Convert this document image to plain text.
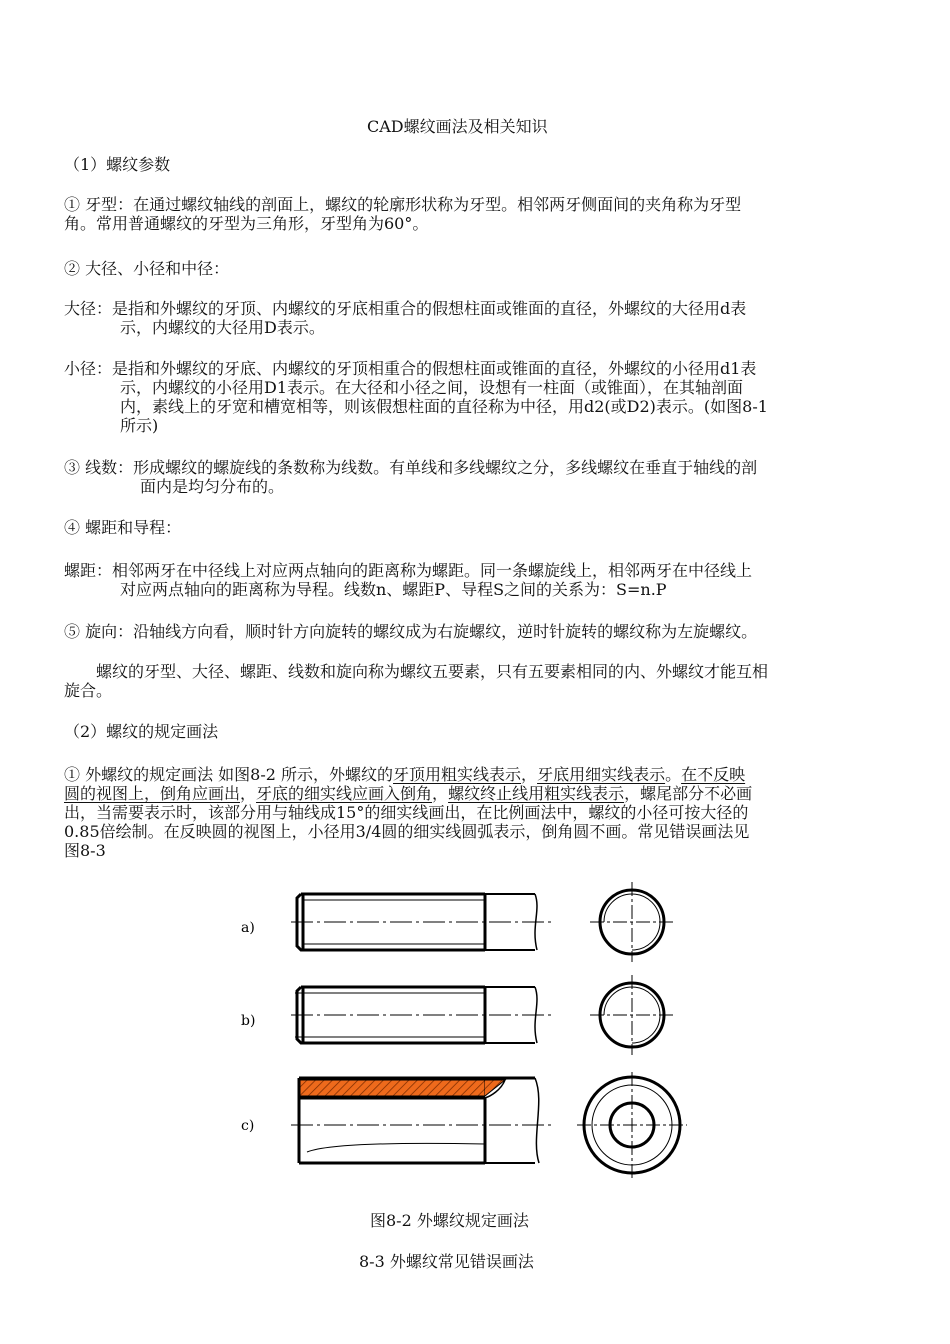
CAD螺纹画法及相关知识
（1）螺纹参数
① 牙型：在通过螺纹轴线的剖面上，螺纹的轮廓形状称为牙型。相邻两牙侧面间的夹角称为牙型
角。常用普通螺纹的牙型为三角形，牙型角为60°。
② 大径、小径和中径：
大径：是指和外螺纹的牙顶、内螺纹的牙底相重合的假想柱面或锥面的直径，外螺纹的大径用d表
示，内螺纹的大径用D表示。
小径：是指和外螺纹的牙底、内螺纹的牙顶相重合的假想柱面或锥面的直径，外螺纹的小径用d1表
示，内螺纹的小径用D1表示。在大径和小径之间，设想有一柱面（或锥面），在其轴剖面
内，素线上的牙宽和槽宽相等，则该假想柱面的直径称为中径，用d2(或D2)表示。(如图8-1
所示)
③ 线数：形成螺纹的螺旋线的条数称为线数。有单线和多线螺纹之分，多线螺纹在垂直于轴线的剖
面内是均匀分布的。
④ 螺距和导程：
螺距：相邻两牙在中径线上对应两点轴向的距离称为螺距。同一条螺旋线上，相邻两牙在中径线上
对应两点轴向的距离称为导程。线数n、螺距P、导程S之间的关系为：S=n.P
⑤ 旋向：沿轴线方向看，顺时针方向旋转的螺纹成为右旋螺纹，逆时针旋转的螺纹称为左旋螺纹。
螺纹的牙型、大径、螺距、线数和旋向称为螺纹五要素，只有五要素相同的内、外螺纹才能互相
旋合。
（2）螺纹的规定画法
① 外螺纹的规定画法 如图8-2 所示，外螺纹的牙顶用粗实线表示，牙底用细实线表示。在不反映
圆的视图上，倒角应画出，牙底的细实线应画入倒角，螺纹终止线用粗实线表示，螺尾部分不必画
出，当需要表示时，该部分用与轴线成15°的细实线画出，在比例画法中，螺纹的小径可按大径的
0.85倍绘制。在反映圆的视图上，小径用3/4圆的细实线圆弧表示，倒角圆不画。常见错误画法见
图8-3
a)
b)
c)
图8-2 外螺纹规定画法
8-3 外螺纹常见错误画法
